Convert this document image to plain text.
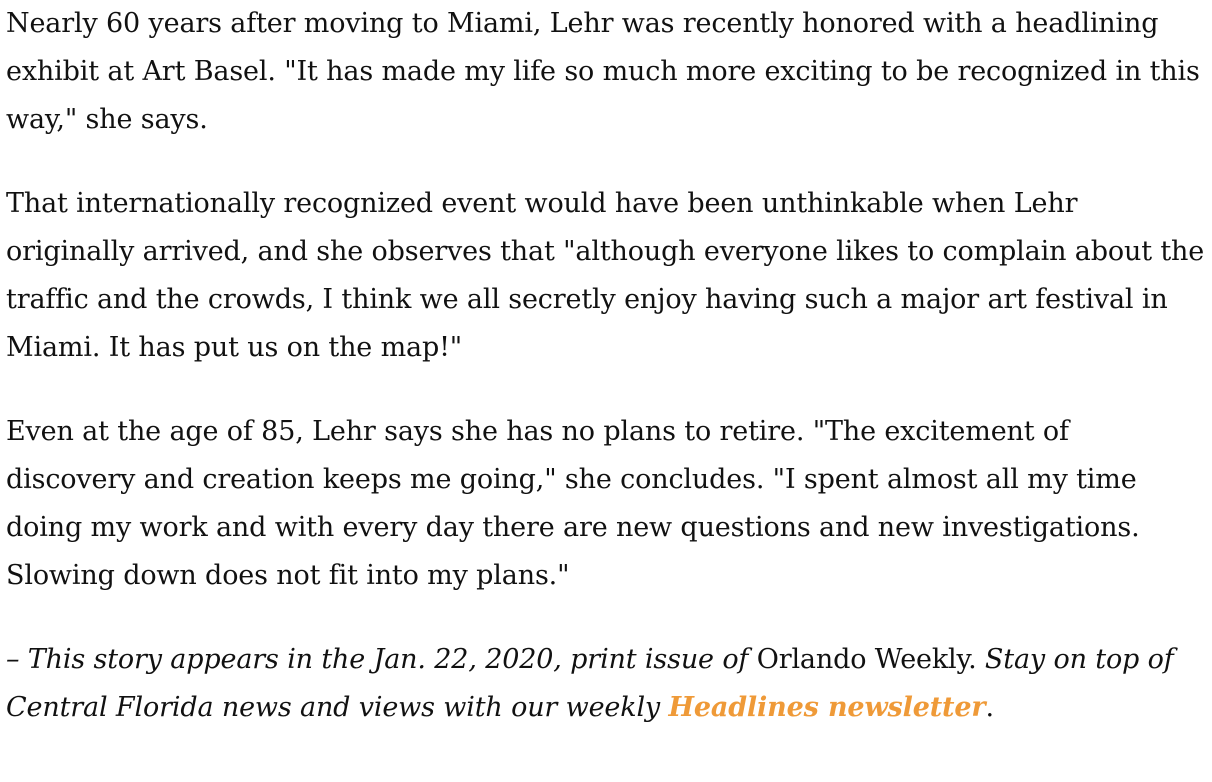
Nearly 60 years after moving to Miami, Lehr was recently honored with a headlining exhibit at Art Basel. "It has made my life so much more exciting to be recognized in this way," she says.

That internationally recognized event would have been unthinkable when Lehr originally arrived, and she observes that "although everyone likes to complain about the traffic and the crowds, I think we all secretly enjoy having such a major art festival in Miami. It has put us on the map!"

Even at the age of 85, Lehr says she has no plans to retire. "The excitement of discovery and creation keeps me going," she concludes. "I spent almost all my time doing my work and with every day there are new questions and new investigations. Slowing down does not fit into my plans."

– This story appears in the Jan. 22, 2020, print issue of Orlando Weekly. Stay on top of Central Florida news and views with our weekly Headlines newsletter.
